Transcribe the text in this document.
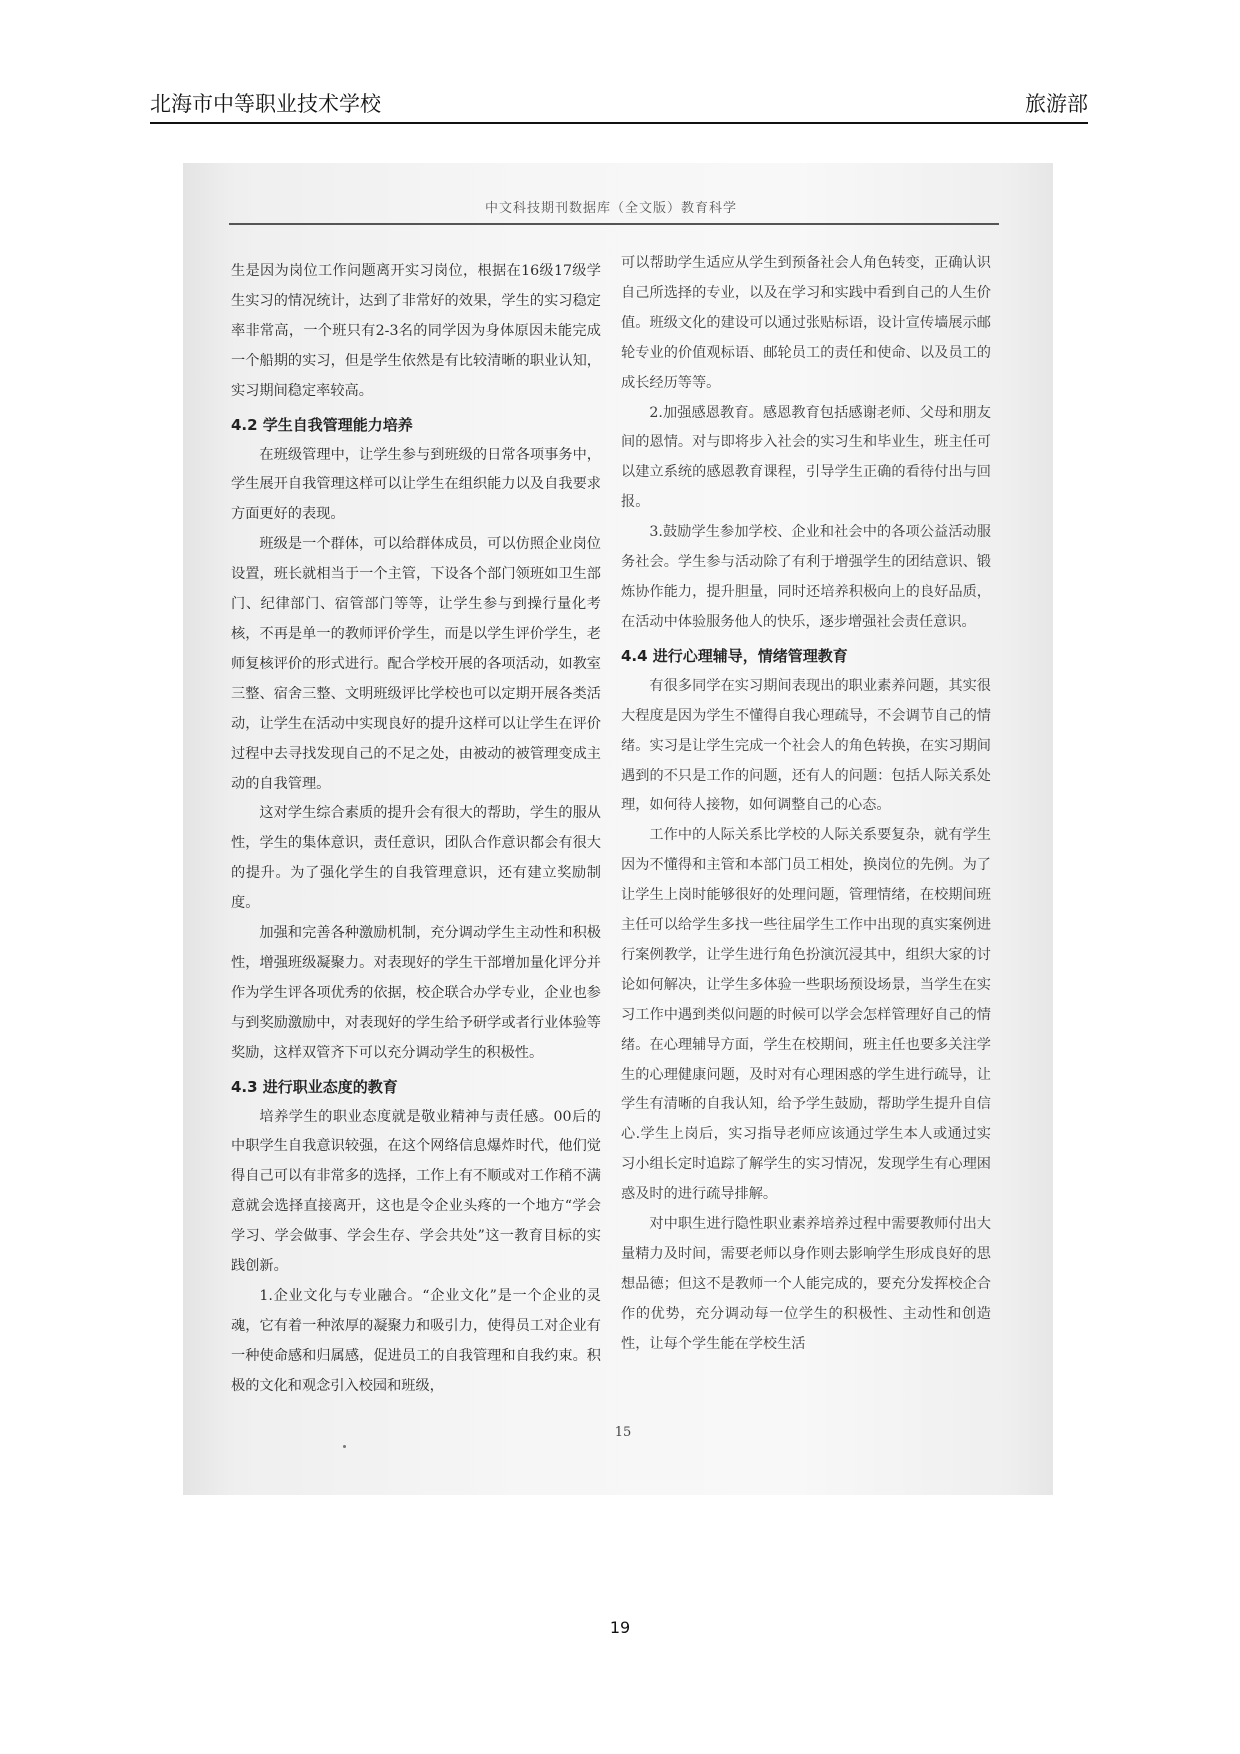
北海市中等职业技术学校	旅游部
中文科技期刊数据库（全文版）教育科学

生是因为岗位工作问题离开实习岗位，根据在16级17级学生实习的情况统计，达到了非常好的效果，学生的实习稳定率非常高，一个班只有2-3名的同学因为身体原因未能完成一个船期的实习，但是学生依然是有比较清晰的职业认知，实习期间稳定率较高。

4.2 学生自我管理能力培养

在班级管理中，让学生参与到班级的日常各项事务中，学生展开自我管理这样可以让学生在组织能力以及自我要求方面更好的表现。

班级是一个群体，可以给群体成员，可以仿照企业岗位设置，班长就相当于一个主管，下设各个部门领班如卫生部门、纪律部门、宿管部门等等，让学生参与到操行量化考核，不再是单一的教师评价学生，而是以学生评价学生，老师复核评价的形式进行。配合学校开展的各项活动，如教室三整、宿舍三整、文明班级评比学校也可以定期开展各类活动，让学生在活动中实现良好的提升这样可以让学生在评价过程中去寻找发现自己的不足之处，由被动的被管理变成主动的自我管理。

这对学生综合素质的提升会有很大的帮助，学生的服从性，学生的集体意识，责任意识，团队合作意识都会有很大的提升。为了强化学生的自我管理意识，还有建立奖励制度。

加强和完善各种激励机制，充分调动学生主动性和积极性，增强班级凝聚力。对表现好的学生干部增加量化评分并作为学生评各项优秀的依据，校企联合办学专业，企业也参与到奖励激励中，对表现好的学生给予研学或者行业体验等奖励，这样双管齐下可以充分调动学生的积极性。

4.3 进行职业态度的教育

培养学生的职业态度就是敬业精神与责任感。00后的中职学生自我意识较强，在这个网络信息爆炸时代，他们觉得自己可以有非常多的选择，工作上有不顺或对工作稍不满意就会选择直接离开，这也是令企业头疼的一个地方“学会学习、学会做事、学会生存、学会共处”这一教育目标的实践创新。

1.企业文化与专业融合。“企业文化”是一个企业的灵魂，它有着一种浓厚的凝聚力和吸引力，使得员工对企业有一种使命感和归属感，促进员工的自我管理和自我约束。积极的文化和观念引入校园和班级，

可以帮助学生适应从学生到预备社会人角色转变，正确认识自己所选择的专业，以及在学习和实践中看到自己的人生价值。班级文化的建设可以通过张贴标语，设计宣传墙展示邮轮专业的价值观标语、邮轮员工的责任和使命、以及员工的成长经历等等。

2.加强感恩教育。感恩教育包括感谢老师、父母和朋友间的恩情。对与即将步入社会的实习生和毕业生，班主任可以建立系统的感恩教育课程，引导学生正确的看待付出与回报。

3.鼓励学生参加学校、企业和社会中的各项公益活动服务社会。学生参与活动除了有利于增强学生的团结意识、锻炼协作能力，提升胆量，同时还培养积极向上的良好品质，在活动中体验服务他人的快乐，逐步增强社会责任意识。

4.4 进行心理辅导，情绪管理教育

有很多同学在实习期间表现出的职业素养问题，其实很大程度是因为学生不懂得自我心理疏导，不会调节自己的情绪。实习是让学生完成一个社会人的角色转换，在实习期间遇到的不只是工作的问题，还有人的问题：包括人际关系处理，如何待人接物，如何调整自己的心态。

工作中的人际关系比学校的人际关系要复杂，就有学生因为不懂得和主管和本部门员工相处，换岗位的先例。为了让学生上岗时能够很好的处理问题，管理情绪，在校期间班主任可以给学生多找一些往届学生工作中出现的真实案例进行案例教学，让学生进行角色扮演沉浸其中，组织大家的讨论如何解决，让学生多体验一些职场预设场景，当学生在实习工作中遇到类似问题的时候可以学会怎样管理好自己的情绪。在心理辅导方面，学生在校期间，班主任也要多关注学生的心理健康问题，及时对有心理困惑的学生进行疏导，让学生有清晰的自我认知，给予学生鼓励，帮助学生提升自信心.学生上岗后，实习指导老师应该通过学生本人或通过实习小组长定时追踪了解学生的实习情况，发现学生有心理困惑及时的进行疏导排解。

对中职生进行隐性职业素养培养过程中需要教师付出大量精力及时间，需要老师以身作则去影响学生形成良好的思想品德；但这不是教师一个人能完成的，要充分发挥校企合作的优势，充分调动每一位学生的积极性、主动性和创造性，让每个学生能在学校生活

15
19
